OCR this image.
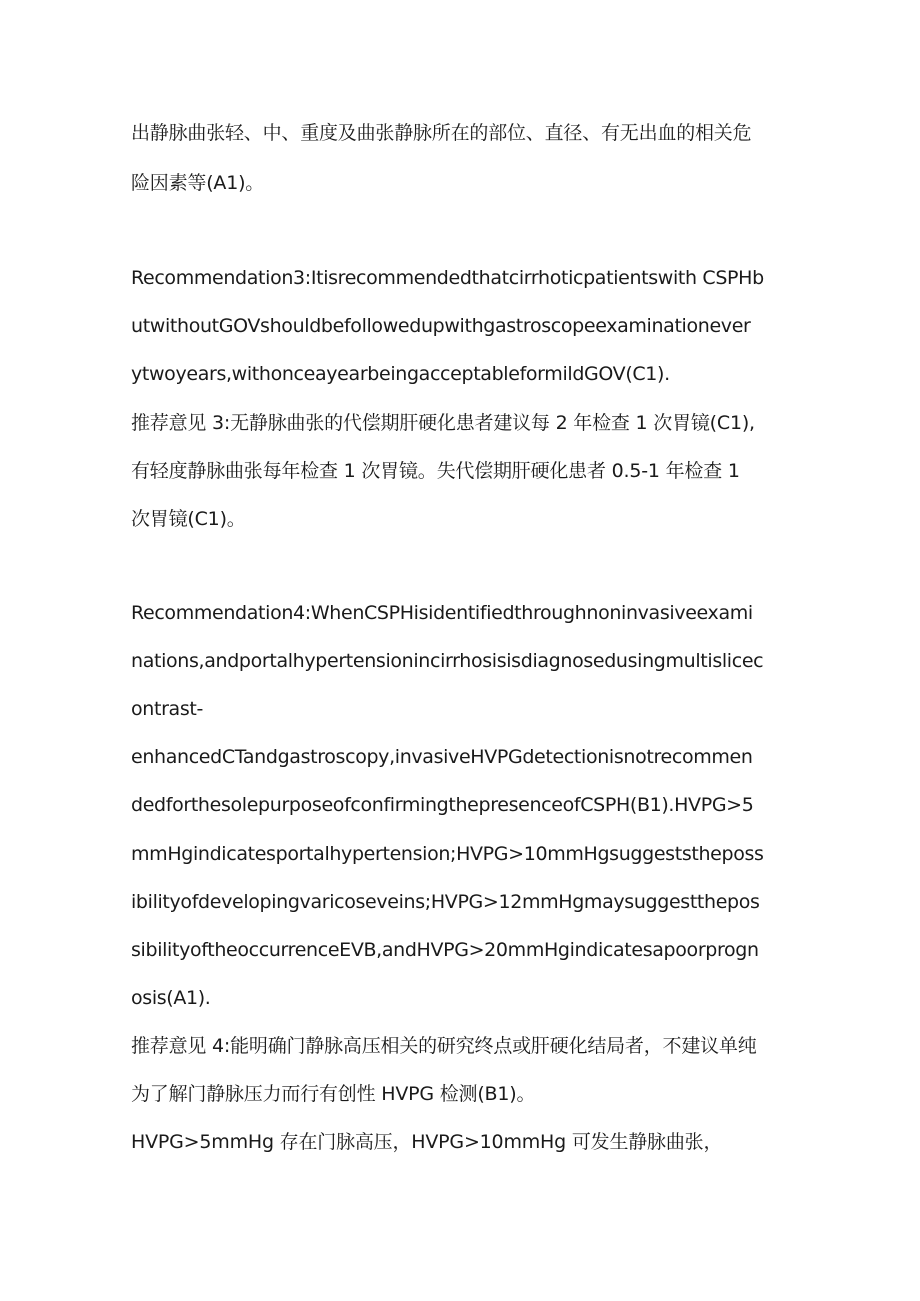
出静脉曲张轻、中、重度及曲张静脉所在的部位、直径、有无出血的相关危
险因素等(A1)。
Recommendation3:Itisrecommendedthatcirrhoticpatientswith CSPHb
utwithoutGOVshouldbefollowedupwithgastroscopeexaminationever
ytwoyears,withonceayearbeingacceptableformildGOV(C1).
推荐意见 3:无静脉曲张的代偿期肝硬化患者建议每 2 年检查 1 次胃镜(C1),
有轻度静脉曲张每年检查 1 次胃镜。失代偿期肝硬化患者 0.5-1 年检查 1
次胃镜(C1)。
Recommendation4:WhenCSPHisidentifiedthroughnoninvasiveexami
nations,andportalhypertensionincirrhosisisdiagnosedusingmultislicec
ontrast-
enhancedCTandgastroscopy,invasiveHVPGdetectionisnotrecommen
dedforthesolepurposeofconfirmingthepresenceofCSPH(B1).HVPG>5
mmHgindicatesportalhypertension;HVPG>10mmHgsuggeststheposs
ibilityofdevelopingvaricoseveins;HVPG>12mmHgmaysuggestthepos
sibilityoftheoccurrenceEVB,andHVPG>20mmHgindicatesapoorprogn
osis(A1).
推荐意见 4:能明确门静脉高压相关的研究终点或肝硬化结局者，不建议单纯
为了解门静脉压力而行有创性 HVPG 检测(B1)。
HVPG>5mmHg 存在门脉高压，HVPG>10mmHg 可发生静脉曲张，
